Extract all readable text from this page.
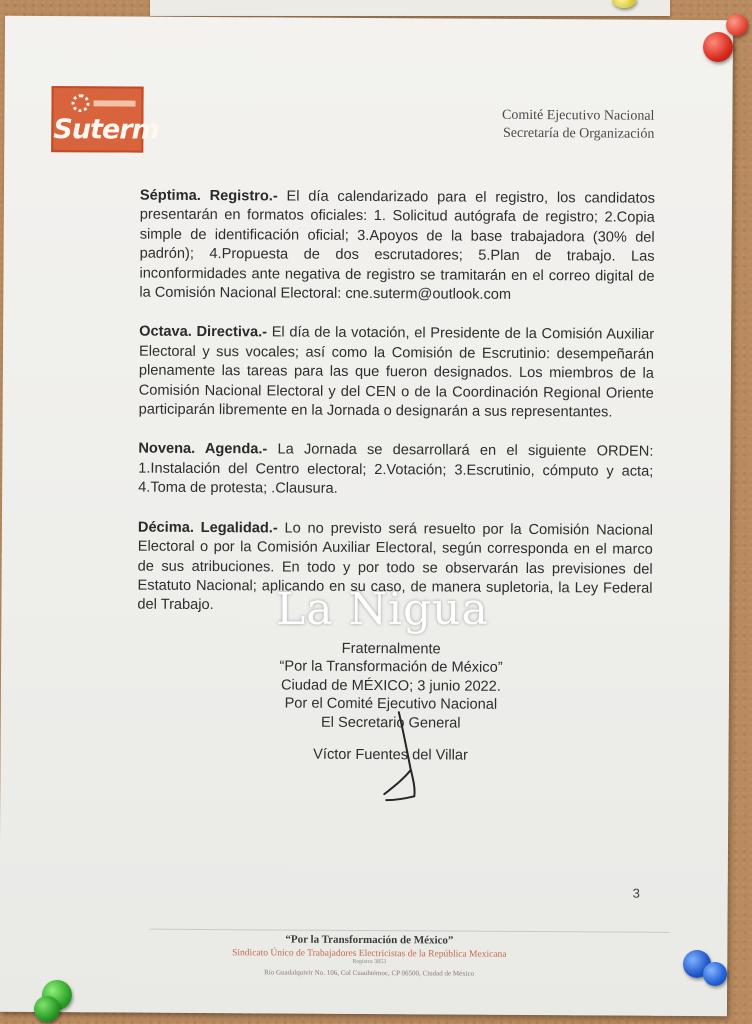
Suterm	Comité Ejecutivo Nacional
Secretaría de Organización

Séptima. Registro.- El día calendarizado para el registro, los candidatos presentarán en formatos oficiales: 1. Solicitud autógrafa de registro; 2.Copia simple de identificación oficial; 3.Apoyos de la base trabajadora (30% del padrón); 4.Propuesta de dos escrutadores; 5.Plan de trabajo. Las inconformidades ante negativa de registro se tramitarán en el correo digital de la Comisión Nacional Electoral: cne.suterm@outlook.com

Octava. Directiva.- El día de la votación, el Presidente de la Comisión Auxiliar Electoral y sus vocales; así como la Comisión de Escrutinio: desempeñarán plenamente las tareas para las que fueron designados. Los miembros de la Comisión Nacional Electoral y del CEN o de la Coordinación Regional Oriente participarán libremente en la Jornada o designarán a sus representantes.

Novena. Agenda.- La Jornada se desarrollará en el siguiente ORDEN: 1.Instalación del Centro electoral; 2.Votación; 3.Escrutinio, cómputo y acta; 4.Toma de protesta; .Clausura.

Décima. Legalidad.- Lo no previsto será resuelto por la Comisión Nacional Electoral o por la Comisión Auxiliar Electoral, según corresponda en el marco de sus atribuciones. En todo y por todo se observarán las previsiones del Estatuto Nacional; aplicando en su caso, de manera supletoria, la Ley Federal del Trabajo.

Fraternalmente
“Por la Transformación de México”
Ciudad de MÉXICO; 3 junio 2022.
Por el Comité Ejecutivo Nacional
El Secretario General
Víctor Fuentes del Villar
3
“Por la Transformación de México”
Sindicato Único de Trabajadores Electricistas de la República Mexicana
Registro 3853
Río Guadalquivir No. 106, Col Cuauhtémoc, CP 06500, Ciudad de México
La Nigua
